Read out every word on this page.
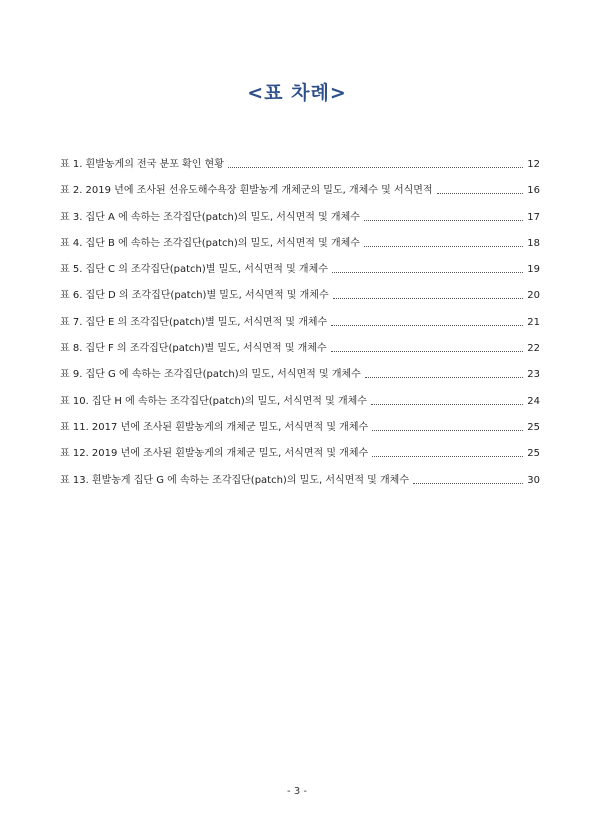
<표 차례>
표 1. 흰발농게의 전국 분포 확인 현황	12
표 2. 2019 년에 조사된 선유도해수욕장 흰발농게 개체군의 밀도, 개체수 및 서식면적	16
표 3. 집단 A 에 속하는 조각집단(patch)의 밀도, 서식면적 및 개체수	17
표 4. 집단 B 에 속하는 조각집단(patch)의 밀도, 서식면적 및 개체수	18
표 5. 집단 C 의 조각집단(patch)별 밀도, 서식면적 및 개체수	19
표 6. 집단 D 의 조각집단(patch)별 밀도, 서식면적 및 개체수	20
표 7. 집단 E 의 조각집단(patch)별 밀도, 서식면적 및 개체수	21
표 8. 집단 F 의 조각집단(patch)별 밀도, 서식면적 및 개체수	22
표 9. 집단 G 에 속하는 조각집단(patch)의 밀도, 서식면적 및 개체수	23
표 10. 집단 H 에 속하는 조각집단(patch)의 밀도, 서식면적 및 개체수	24
표 11. 2017 년에 조사된 흰발농게의 개체군 밀도, 서식면적 및 개체수	25
표 12. 2019 년에 조사된 흰발농게의 개체군 밀도, 서식면적 및 개체수	25
표 13. 흰발농게 집단 G 에 속하는 조각집단(patch)의 밀도, 서식면적 및 개체수	30
- 3 -
